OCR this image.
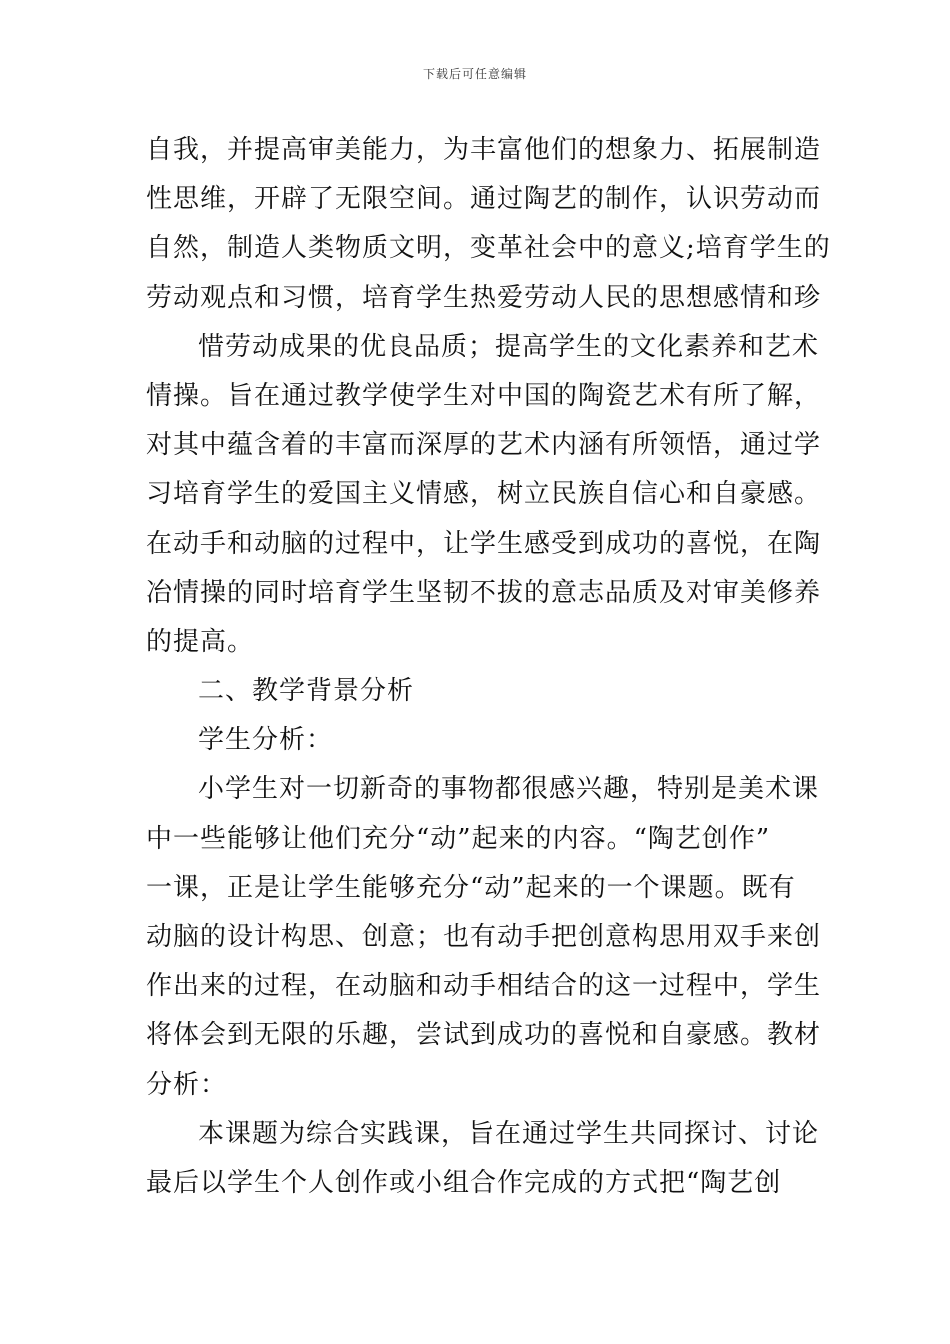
下载后可任意编辑
自我，并提高审美能力，为丰富他们的想象力、拓展制造
性思维，开辟了无限空间。通过陶艺的制作，认识劳动而
自然，制造人类物质文明，变革社会中的意义;培育学生的
劳动观点和习惯，培育学生热爱劳动人民的思想感情和珍
惜劳动成果的优良品质；提高学生的文化素养和艺术
情操。旨在通过教学使学生对中国的陶瓷艺术有所了解，
对其中蕴含着的丰富而深厚的艺术内涵有所领悟，通过学
习培育学生的爱国主义情感，树立民族自信心和自豪感。
在动手和动脑的过程中，让学生感受到成功的喜悦，在陶
冶情操的同时培育学生坚韧不拔的意志品质及对审美修养
的提高。
二、教学背景分析
学生分析：
小学生对一切新奇的事物都很感兴趣，特别是美术课
中一些能够让他们充分“动”起来的内容。“陶艺创作”
一课，正是让学生能够充分“动”起来的一个课题。既有
动脑的设计构思、创意；也有动手把创意构思用双手来创
作出来的过程，在动脑和动手相结合的这一过程中，学生
将体会到无限的乐趣，尝试到成功的喜悦和自豪感。教材
分析：
本课题为综合实践课，旨在通过学生共同探讨、讨论
最后以学生个人创作或小组合作完成的方式把“陶艺创
